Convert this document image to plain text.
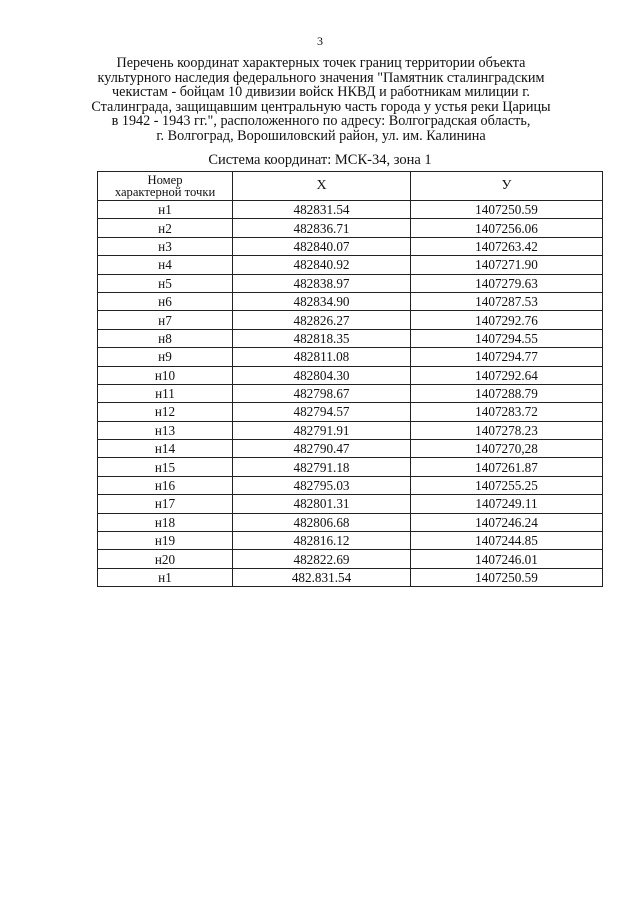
3
Перечень координат характерных точек границ территории объекта
культурного наследия федерального значения "Памятник сталинградским
чекистам - бойцам 10 дивизии войск НКВД и работникам милиции г.
Сталинграда, защищавшим центральную часть города у устья реки Царицы
в 1942 - 1943 гг.", расположенного по адресу: Волгоградская область,
г. Волгоград, Ворошиловский район, ул. им. Калинина
Система координат: МСК-34, зона 1
Номер
характерной точки	X	У
н1	482831.54	1407250.59
н2	482836.71	1407256.06
н3	482840.07	1407263.42
н4	482840.92	1407271.90
н5	482838.97	1407279.63
н6	482834.90	1407287.53
н7	482826.27	1407292.76
н8	482818.35	1407294.55
н9	482811.08	1407294.77
н10	482804.30	1407292.64
н11	482798.67	1407288.79
н12	482794.57	1407283.72
н13	482791.91	1407278.23
н14	482790.47	1407270,28
н15	482791.18	1407261.87
н16	482795.03	1407255.25
н17	482801.31	1407249.11
н18	482806.68	1407246.24
н19	482816.12	1407244.85
н20	482822.69	1407246.01
н1	482.831.54	1407250.59
